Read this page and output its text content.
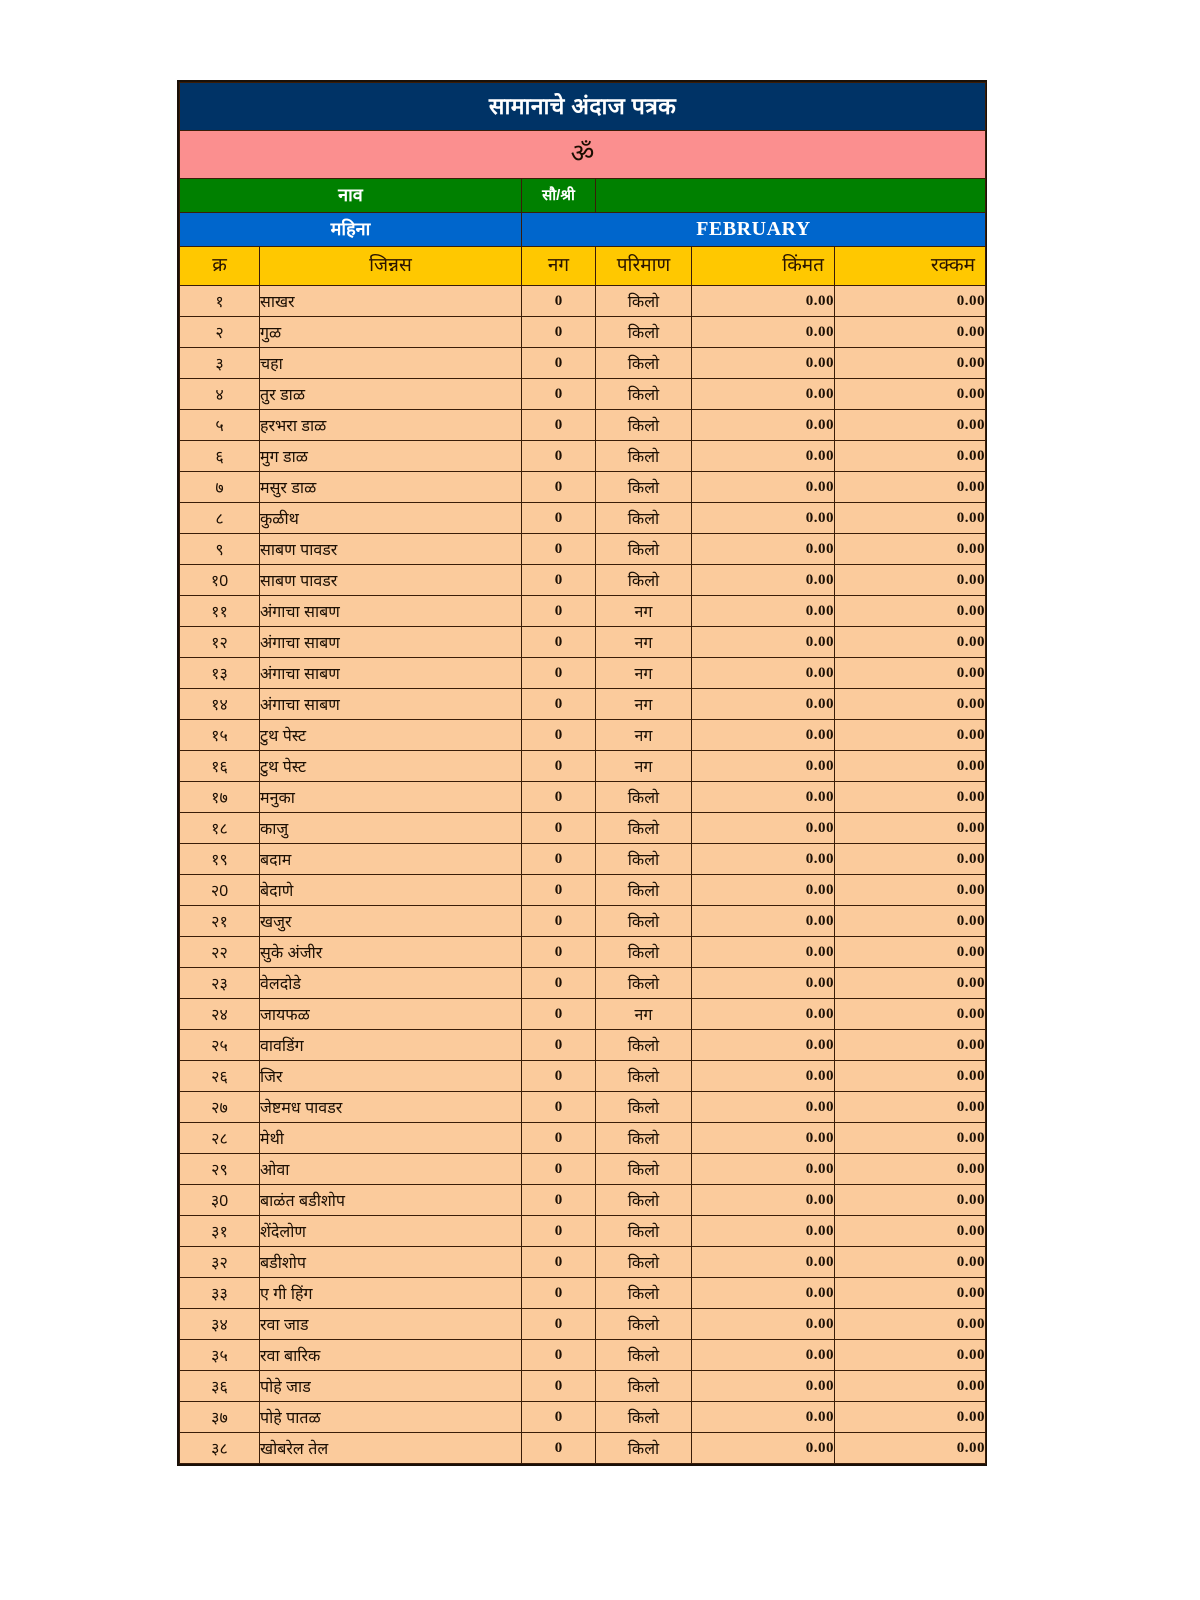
सामानाचे अंदाज पत्रक					
ॐ					
नाव		सौ/श्री			
महिना		FEBRUARY			
क्र	जिन्नस	नग	परिमाण	किंमत	रक्कम
१	साखर	0	किलो	0.00	0.00
२	गुळ	0	किलो	0.00	0.00
३	चहा	0	किलो	0.00	0.00
४	तुर डाळ	0	किलो	0.00	0.00
५	हरभरा डाळ	0	किलो	0.00	0.00
६	मुग डाळ	0	किलो	0.00	0.00
७	मसुर डाळ	0	किलो	0.00	0.00
८	कुळीथ	0	किलो	0.00	0.00
९	साबण पावडर	0	किलो	0.00	0.00
१0	साबण पावडर	0	किलो	0.00	0.00
११	अंगाचा साबण	0	नग	0.00	0.00
१२	अंगाचा साबण	0	नग	0.00	0.00
१३	अंगाचा साबण	0	नग	0.00	0.00
१४	अंगाचा साबण	0	नग	0.00	0.00
१५	टुथ पेस्ट	0	नग	0.00	0.00
१६	टुथ पेस्ट	0	नग	0.00	0.00
१७	मनुका	0	किलो	0.00	0.00
१८	काजु	0	किलो	0.00	0.00
१९	बदाम	0	किलो	0.00	0.00
२0	बेदाणे	0	किलो	0.00	0.00
२१	खजुर	0	किलो	0.00	0.00
२२	सुके अंजीर	0	किलो	0.00	0.00
२३	वेलदोडे	0	किलो	0.00	0.00
२४	जायफळ	0	नग	0.00	0.00
२५	वावडिंग	0	किलो	0.00	0.00
२६	जिर	0	किलो	0.00	0.00
२७	जेष्टमध पावडर	0	किलो	0.00	0.00
२८	मेथी	0	किलो	0.00	0.00
२९	ओवा	0	किलो	0.00	0.00
३0	बाळंत बडीशोप	0	किलो	0.00	0.00
३१	शेंदेलोण	0	किलो	0.00	0.00
३२	बडीशोप	0	किलो	0.00	0.00
३३	ए गी हिंग	0	किलो	0.00	0.00
३४	रवा जाड	0	किलो	0.00	0.00
३५	रवा बारिक	0	किलो	0.00	0.00
३६	पोहे जाड	0	किलो	0.00	0.00
३७	पोहे पातळ	0	किलो	0.00	0.00
३८	खोबरेल तेल	0	किलो	0.00	0.00
